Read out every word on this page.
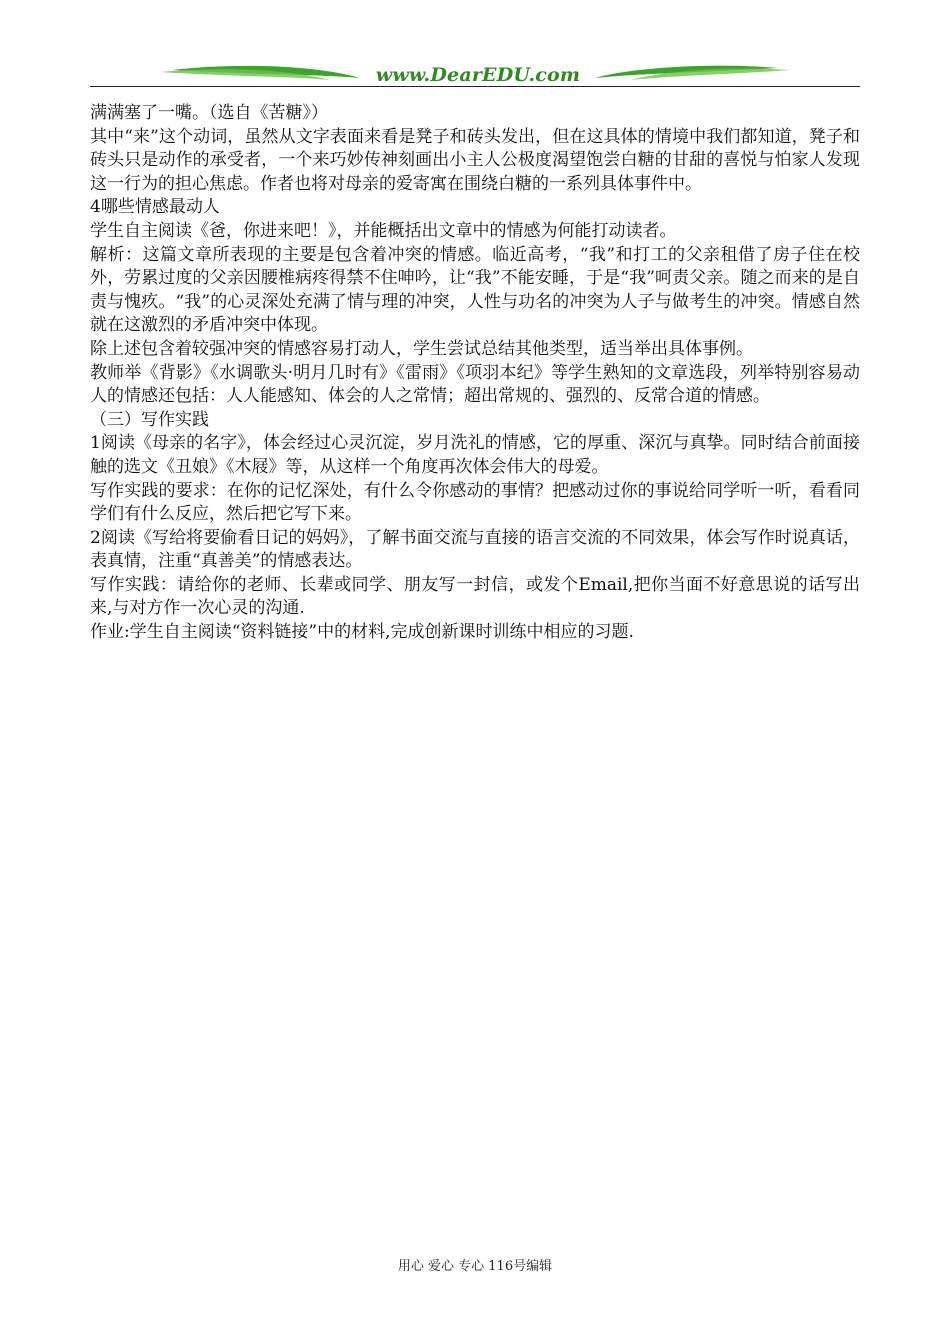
www.DearEDU.com

满满塞了一嘴。（选自《苦糖》）

其中“来”这个动词，虽然从文字表面来看是凳子和砖头发出，但在这具体的情境中我们都知道，凳子和砖头只是动作的承受者，一个来巧妙传神刻画出小主人公极度渴望饱尝白糖的甘甜的喜悦与怕家人发现这一行为的担心焦虑。作者也将对母亲的爱寄寓在围绕白糖的一系列具体事件中。

4哪些情感最动人

学生自主阅读《爸，你进来吧！》，并能概括出文章中的情感为何能打动读者。

解析：这篇文章所表现的主要是包含着冲突的情感。临近高考，“我”和打工的父亲租借了房子住在校外，劳累过度的父亲因腰椎病疼得禁不住呻吟，让“我”不能安睡，于是“我”呵责父亲。随之而来的是自责与愧疚。“我”的心灵深处充满了情与理的冲突，人性与功名的冲突为人子与做考生的冲突。情感自然就在这激烈的矛盾冲突中体现。

除上述包含着较强冲突的情感容易打动人，学生尝试总结其他类型，适当举出具体事例。

教师举《背影》《水调歌头·明月几时有》《雷雨》《项羽本纪》等学生熟知的文章选段，列举特别容易动人的情感还包括：人人能感知、体会的人之常情；超出常规的、强烈的、反常合道的情感。

（三）写作实践

1阅读《母亲的名字》，体会经过心灵沉淀，岁月洗礼的情感，它的厚重、深沉与真挚。同时结合前面接触的选文《丑娘》《木屐》等，从这样一个角度再次体会伟大的母爱。

写作实践的要求：在你的记忆深处，有什么令你感动的事情？把感动过你的事说给同学听一听，看看同学们有什么反应，然后把它写下来。

2阅读《写给将要偷看日记的妈妈》，了解书面交流与直接的语言交流的不同效果，体会写作时说真话，表真情，注重“真善美”的情感表达。

写作实践：请给你的老师、长辈或同学、朋友写一封信，或发个Email,把你当面不好意思说的话写出来,与对方作一次心灵的沟通.

作业:学生自主阅读“资料链接”中的材料,完成创新课时训练中相应的习题.

用心 爱心 专心 116号编辑
